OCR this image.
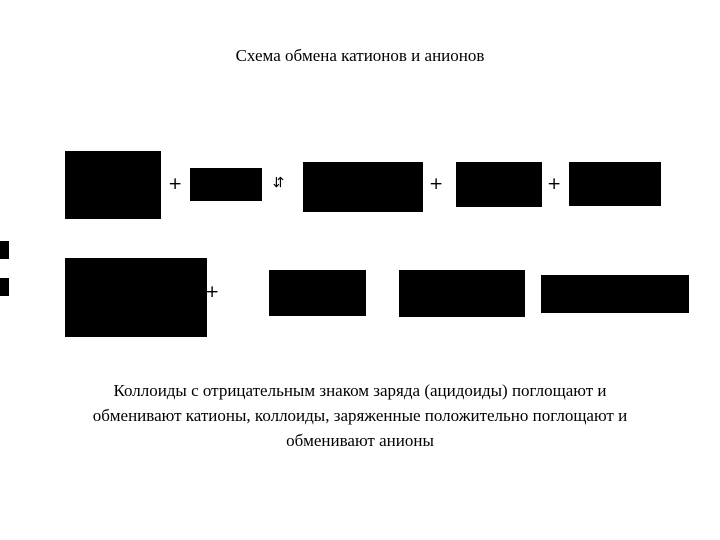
Схема обмена катионов и анионов
+	⇆	+	+
+
Коллоиды с отрицательным знаком заряда (ацидоиды) поглощают и
обменивают катионы, коллоиды, заряженные положительно поглощают и
обменивают анионы
